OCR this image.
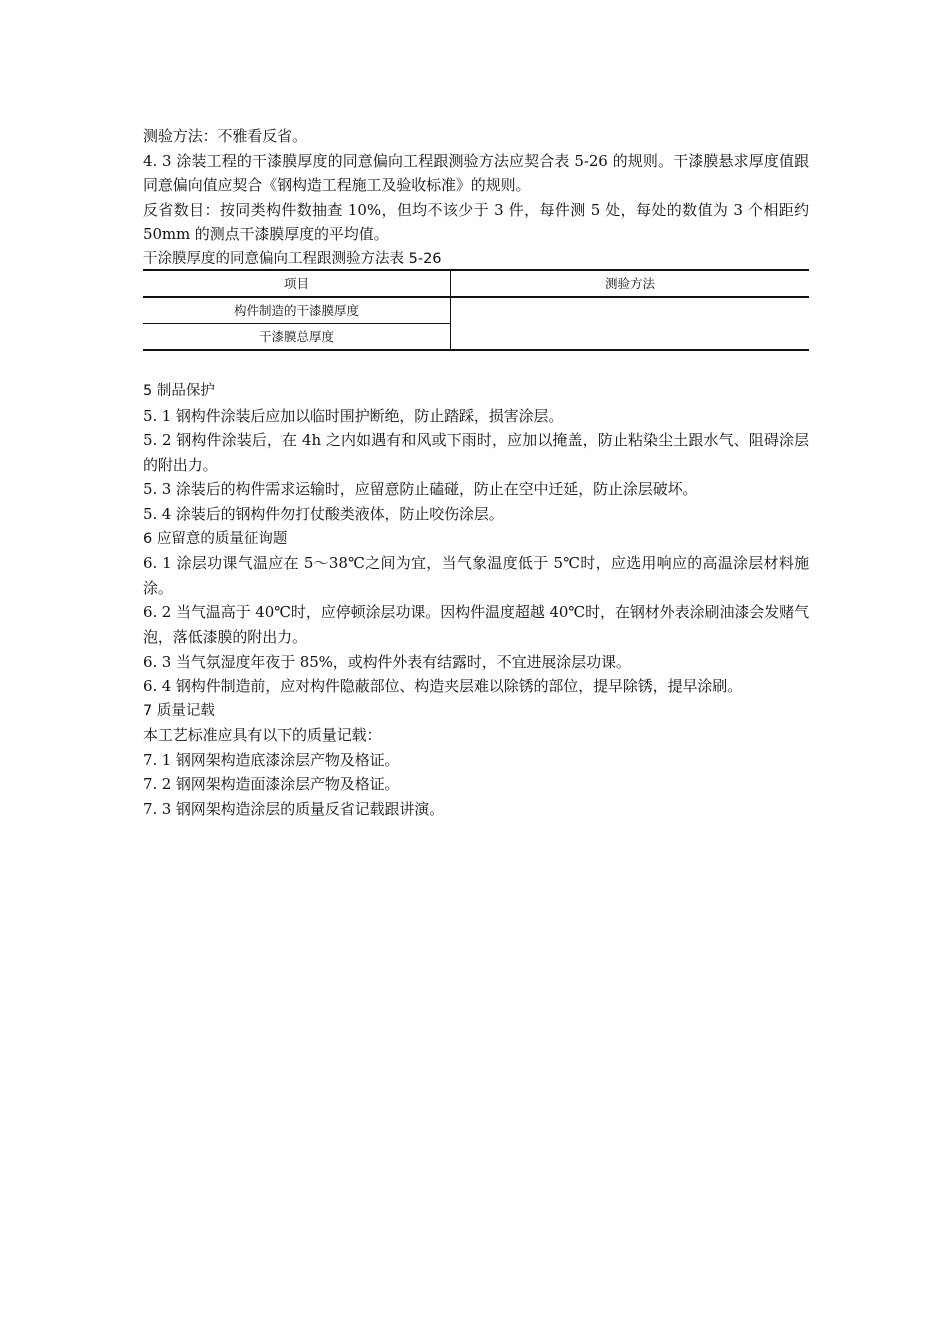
测验方法：不雅看反省。

4. 3 涂装工程的干漆膜厚度的同意偏向工程跟测验方法应契合表 5-26 的规则。干漆膜悬求厚度值跟同意偏向值应契合《钢构造工程施工及验收标准》的规则。

反省数目：按同类构件数抽查 10%，但均不该少于 3 件，每件测 5 处，每处的数值为 3 个相距约 50mm 的测点干漆膜厚度的平均值。

干涂膜厚度的同意偏向工程跟测验方法表 5-26
项目	测验方法
构件制造的干漆膜厚度	
干漆膜总厚度	
5 制品保护

5. 1 钢构件涂装后应加以临时围护断绝，防止踏踩，损害涂层。

5. 2 钢构件涂装后，在 4h 之内如遇有和风或下雨时，应加以掩盖，防止粘染尘土跟水气、阻碍涂层的附出力。

5. 3 涂装后的构件需求运输时，应留意防止磕碰，防止在空中迁延，防止涂层破坏。

5. 4 涂装后的钢构件勿打仗酸类液体，防止咬伤涂层。

6 应留意的质量征询题

6. 1 涂层功课气温应在 5～38℃之间为宜，当气象温度低于 5℃时，应选用响应的高温涂层材料施涂。

6. 2 当气温高于 40℃时，应停顿涂层功课。因构件温度超越 40℃时，在钢材外表涂刷油漆会发赌气泡，落低漆膜的附出力。

6. 3 当气氛湿度年夜于 85%，或构件外表有结露时，不宜进展涂层功课。

6. 4 钢构件制造前，应对构件隐蔽部位、构造夹层难以除锈的部位，提早除锈，提早涂刷。

7 质量记载

本工艺标准应具有以下的质量记载：

7. 1 钢网架构造底漆涂层产物及格证。

7. 2 钢网架构造面漆涂层产物及格证。

7. 3 钢网架构造涂层的质量反省记载跟讲演。
